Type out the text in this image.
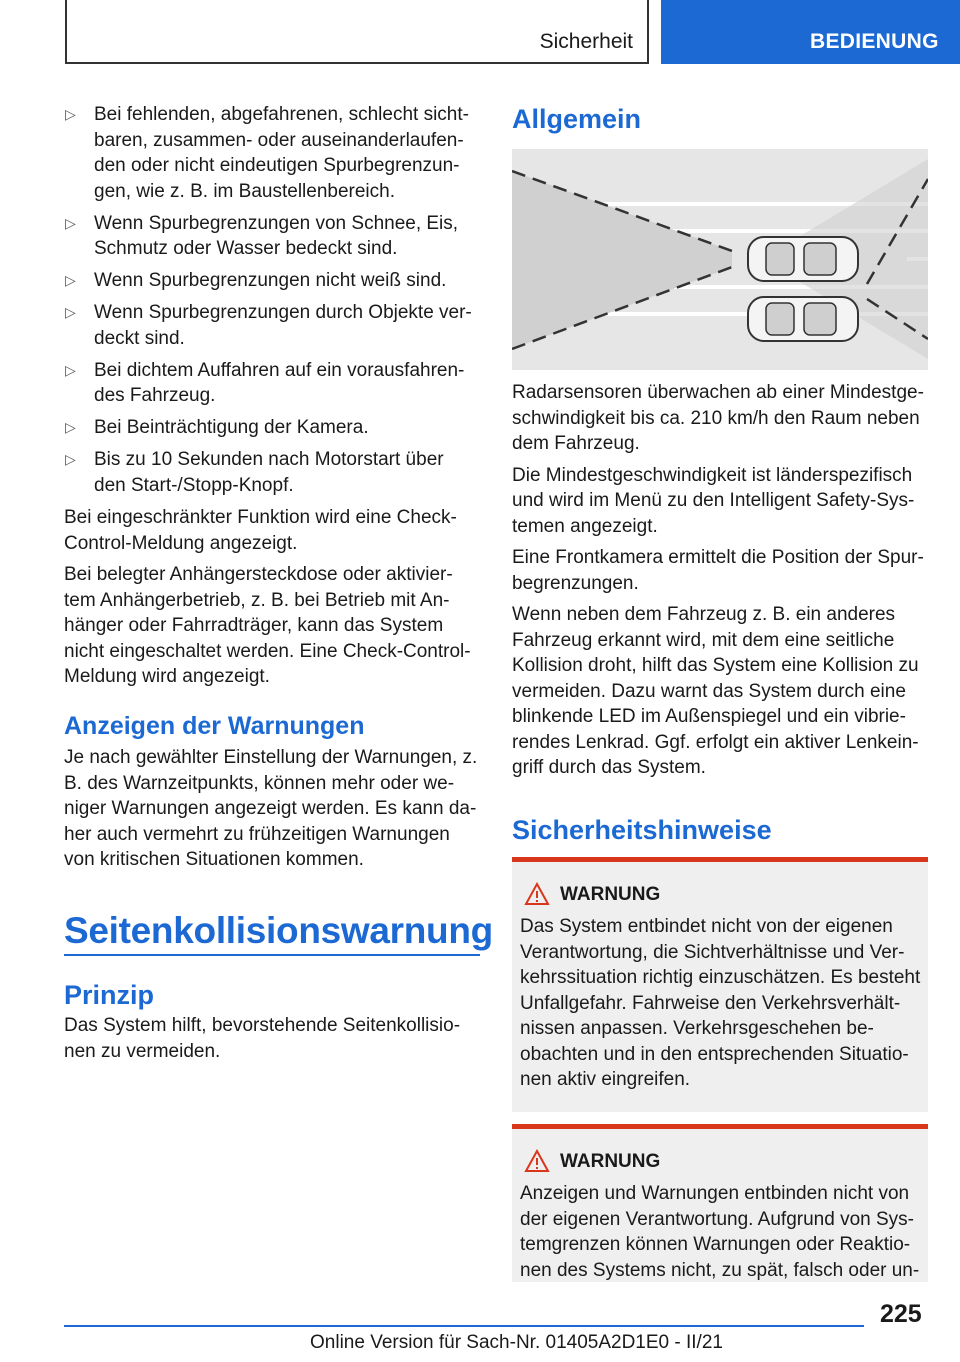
Sicherheit	BEDIENUNG
▷ Bei fehlenden, abgefahrenen, schlecht sicht-baren, zusammen- oder auseinanderlaufen-den oder nicht eindeutigen Spurbegrenzun-gen, wie z. B. im Baustellenbereich.
▷ Wenn Spurbegrenzungen von Schnee, Eis, Schmutz oder Wasser bedeckt sind.
▷ Wenn Spurbegrenzungen nicht weiß sind.
▷ Wenn Spurbegrenzungen durch Objekte ver-deckt sind.
▷ Bei dichtem Auffahren auf ein vorausfahren-des Fahrzeug.
▷ Bei Beinträchtigung der Kamera.
▷ Bis zu 10 Sekunden nach Motorstart über den Start-/Stopp-Knopf.

Bei eingeschränkter Funktion wird eine Check-Control-Meldung angezeigt.

Bei belegter Anhängersteckdose oder aktivier-tem Anhängerbetrieb, z. B. bei Betrieb mit An-hänger oder Fahrradträger, kann das System nicht eingeschaltet werden. Eine Check-Control-Meldung wird angezeigt.

Anzeigen der Warnungen

Je nach gewählter Einstellung der Warnungen, z. B. des Warnzeitpunkts, können mehr oder we-niger Warnungen angezeigt werden. Es kann da-her auch vermehrt zu frühzeitigen Warnungen von kritischen Situationen kommen.

Seitenkollisionswarnung
Prinzip

Das System hilft, bevorstehende Seitenkollisio-nen zu vermeiden.

Allgemein

Radarsensoren überwachen ab einer Mindestge-schwindigkeit bis ca. 210 km/h den Raum neben dem Fahrzeug.

Die Mindestgeschwindigkeit ist länderspezifisch und wird im Menü zu den Intelligent Safety-Sys-temen angezeigt.

Eine Frontkamera ermittelt die Position der Spur-begrenzungen.

Wenn neben dem Fahrzeug z. B. ein anderes Fahrzeug erkannt wird, mit dem eine seitliche Kollision droht, hilft das System eine Kollision zu vermeiden. Dazu warnt das System durch eine blinkende LED im Außenspiegel und ein vibrie-rendes Lenkrad. Ggf. erfolgt ein aktiver Lenkein-griff durch das System.

Sicherheitshinweise
WARNUNG
Das System entbindet nicht von der eigenen Verantwortung, die Sichtverhältnisse und Ver-kehrssituation richtig einzuschätzen. Es besteht Unfallgefahr. Fahrweise den Verkehrsverhält-nissen anpassen. Verkehrsgeschehen be-obachten und in den entsprechenden Situatio-nen aktiv eingreifen.
WARNUNG
Anzeigen und Warnungen entbinden nicht von der eigenen Verantwortung. Aufgrund von Sys-temgrenzen können Warnungen oder Reaktio-nen des Systems nicht, zu spät, falsch oder un-
225
Online Version für Sach-Nr. 01405A2D1E0 - II/21
